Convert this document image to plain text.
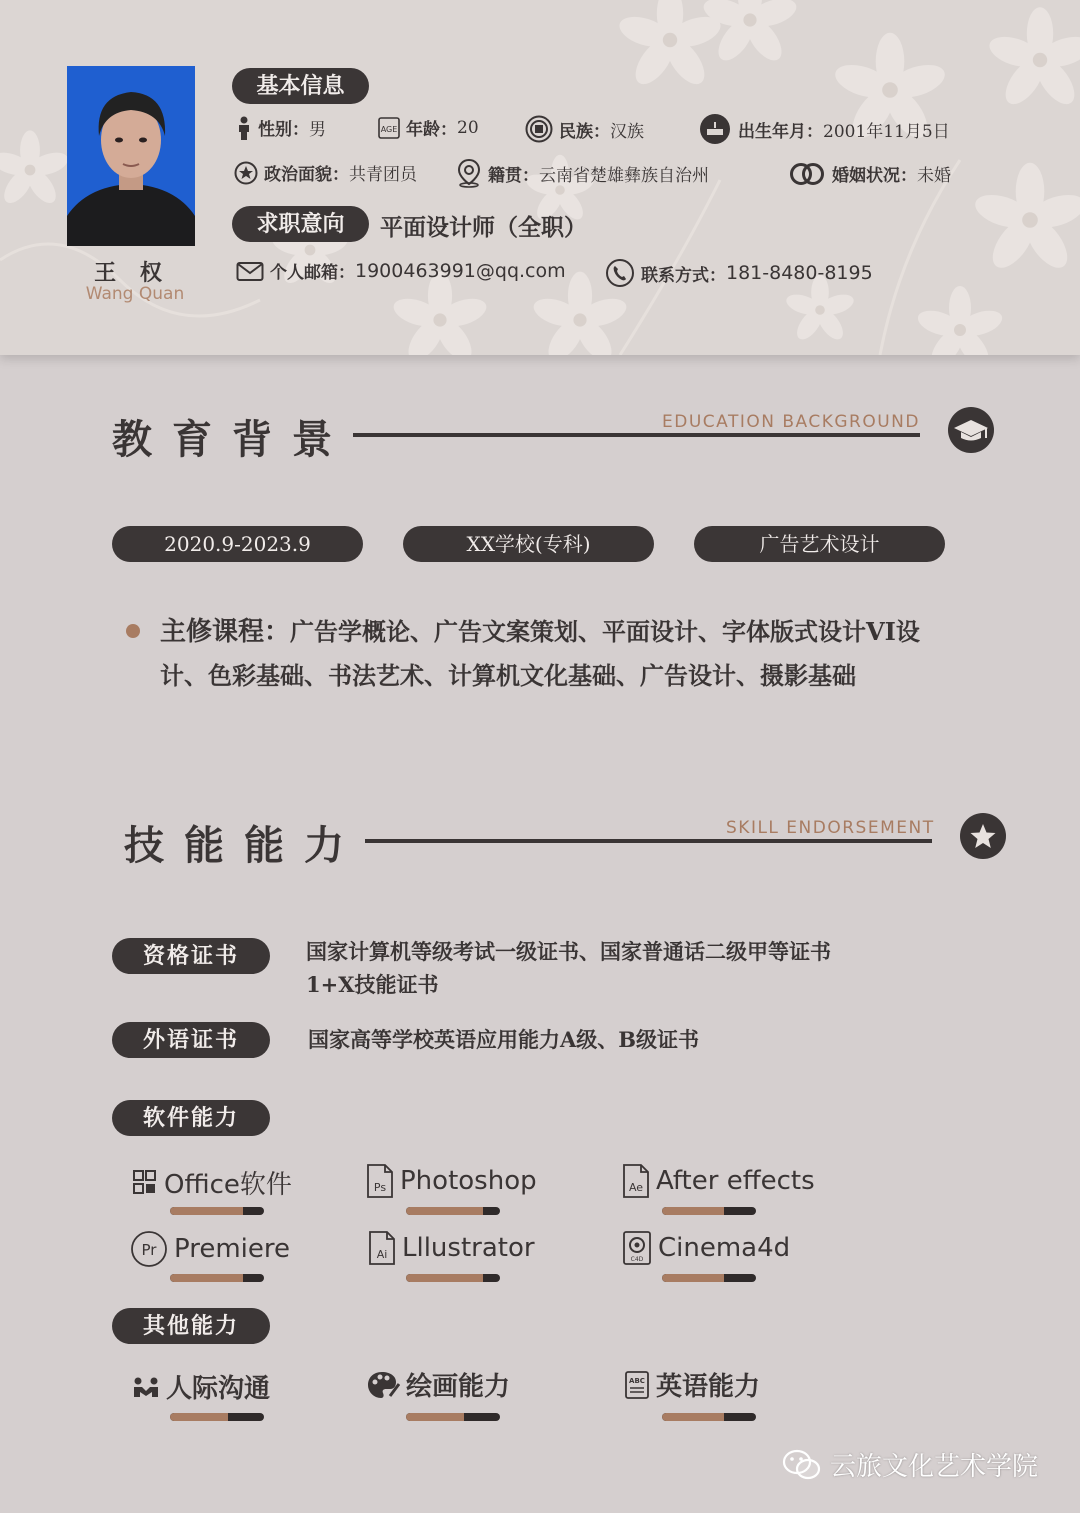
王 权
Wang Quan
基本信息
性别： 男	AGE 年龄： 20	民族： 汉族	出生年月： 2001年11月5日
政治面貌： 共青团员	籍贯： 云南省楚雄彝族自治州	婚姻状况： 未婚
求职意向	平面设计师（全职）
个人邮箱： 1900463991@qq.com	联系方式： 181-8480-8195
教育背景	EDUCATION BACKGROUND
2020.9-2023.9	XX学校(专科)	广告艺术设计
主修课程：广告学概论、广告文案策划、平面设计、字体版式设计VI设计、色彩基础、书法艺术、计算机文化基础、广告设计、摄影基础
技能能力	SKILL ENDORSEMENT
资格证书	国家计算机等级考试一级证书、国家普通话二级甲等证书
1+X技能证书
外语证书	国家高等学校英语应用能力A级、B级证书
软件能力
Office软件	Ps Photoshop	Ae After effects
Pr Premiere	Ai Lllustrator	C4D Cinema4d
其他能力
人际沟通	绘画能力	ABC 英语能力
云旅文化艺术学院
